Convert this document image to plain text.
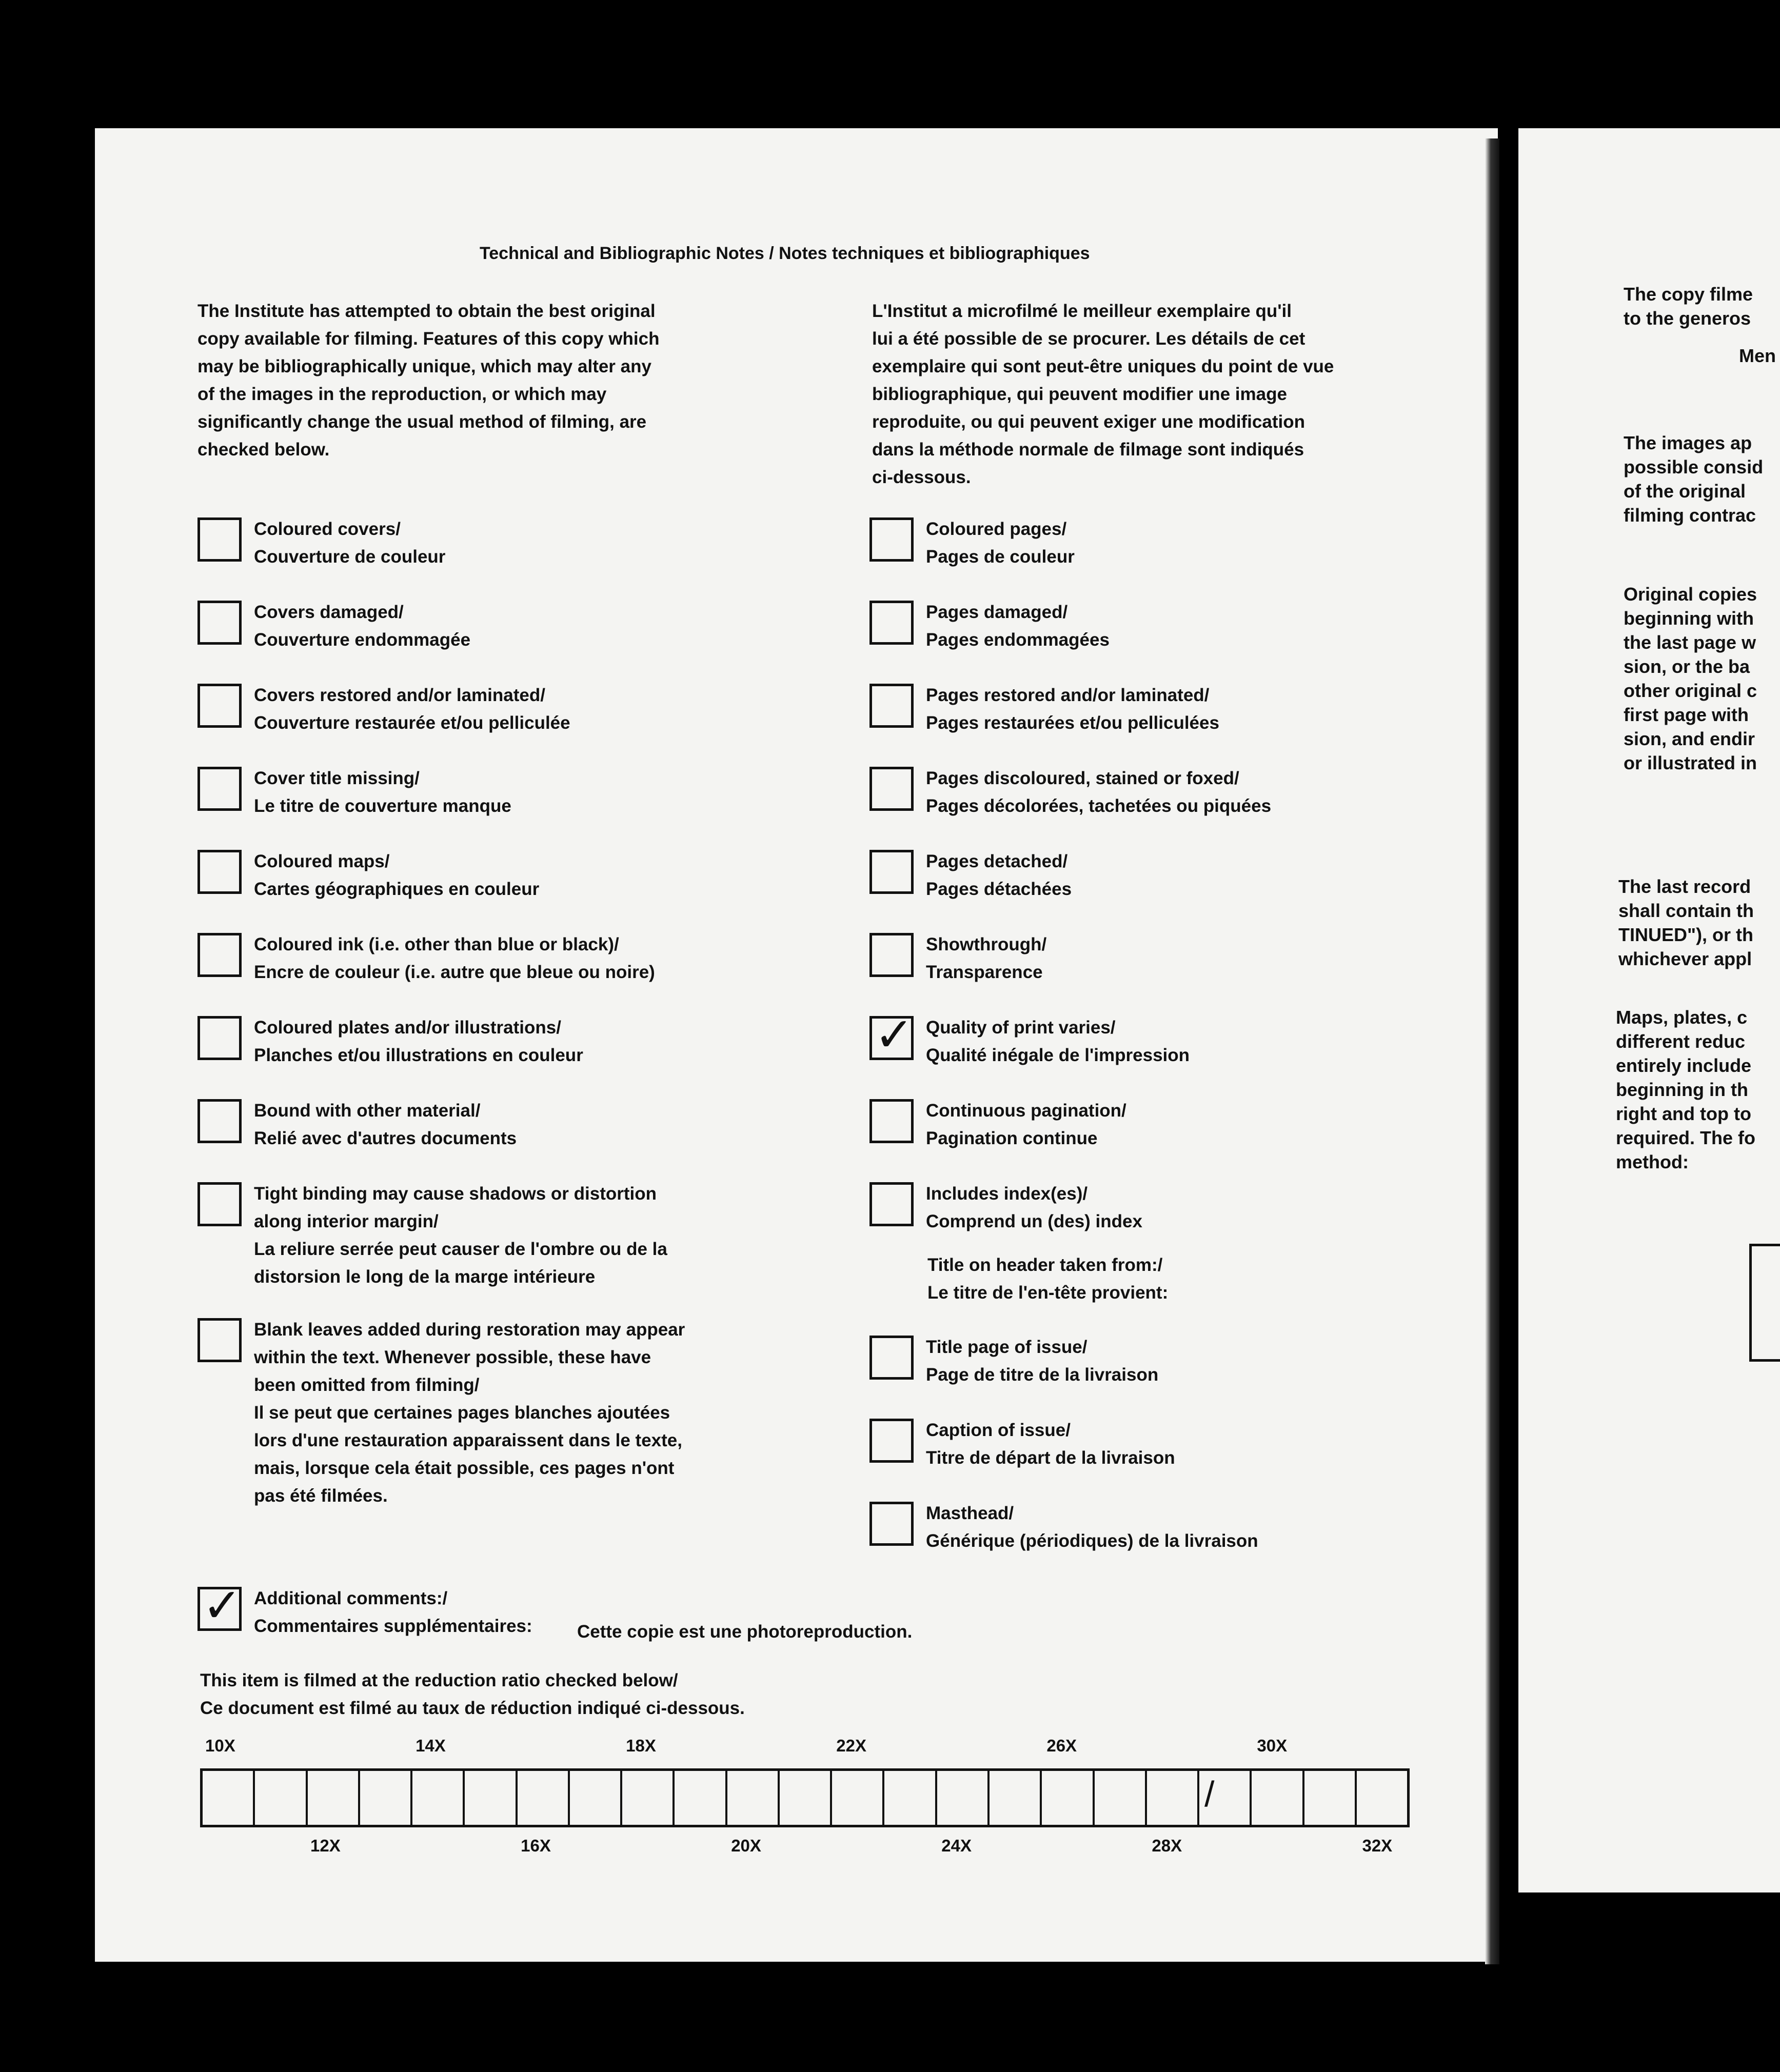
Technical and Bibliographic Notes / Notes techniques et bibliographiques
The Institute has attempted to obtain the best original
copy available for filming. Features of this copy which
may be bibliographically unique, which may alter any
of the images in the reproduction, or which may
significantly change the usual method of filming, are
checked below.
L'Institut a microfilmé le meilleur exemplaire qu'il
lui a été possible de se procurer. Les détails de cet
exemplaire qui sont peut-être uniques du point de vue
bibliographique, qui peuvent modifier une image
reproduite, ou qui peuvent exiger une modification
dans la méthode normale de filmage sont indiqués
ci-dessous.
Coloured covers/
Couverture de couleur
Covers damaged/
Couverture endommagée
Covers restored and/or laminated/
Couverture restaurée et/ou pelliculée
Cover title missing/
Le titre de couverture manque
Coloured maps/
Cartes géographiques en couleur
Coloured ink (i.e. other than blue or black)/
Encre de couleur (i.e. autre que bleue ou noire)
Coloured plates and/or illustrations/
Planches et/ou illustrations en couleur
Bound with other material/
Relié avec d'autres documents
Tight binding may cause shadows or distortion
along interior margin/
La reliure serrée peut causer de l'ombre ou de la
distorsion le long de la marge intérieure
Blank leaves added during restoration may appear
within the text. Whenever possible, these have
been omitted from filming/
Il se peut que certaines pages blanches ajoutées
lors d'une restauration apparaissent dans le texte,
mais, lorsque cela était possible, ces pages n'ont
pas été filmées.
Coloured pages/
Pages de couleur
Pages damaged/
Pages endommagées
Pages restored and/or laminated/
Pages restaurées et/ou pelliculées
Pages discoloured, stained or foxed/
Pages décolorées, tachetées ou piquées
Pages detached/
Pages détachées
Showthrough/
Transparence
✓ Quality of print varies/
Qualité inégale de l'impression
Continuous pagination/
Pagination continue
Includes index(es)/
Comprend un (des) index
Title on header taken from:/
Le titre de l'en-tête provient:
Title page of issue/
Page de titre de la livraison
Caption of issue/
Titre de départ de la livraison
Masthead/
Générique (périodiques) de la livraison
✓ Additional comments:/
Commentaires supplémentaires: Cette copie est une photoreproduction.
This item is filmed at the reduction ratio checked below/
Ce document est filmé au taux de réduction indiqué ci-dessous.
10X	14X	18X	22X	26X	30X
/
12X	16X	20X	24X	28X	32X
The copy filme
to the generos
Men
The images ap
possible consid
of the original
filming contrac
Original copies
beginning with
the last page w
sion, or the ba
other original c
first page with
sion, and endir
or illustrated in
The last record
shall contain th
TINUED"), or th
whichever appl
Maps, plates, c
different reduc
entirely include
beginning in th
right and top to
required. The fo
method:
